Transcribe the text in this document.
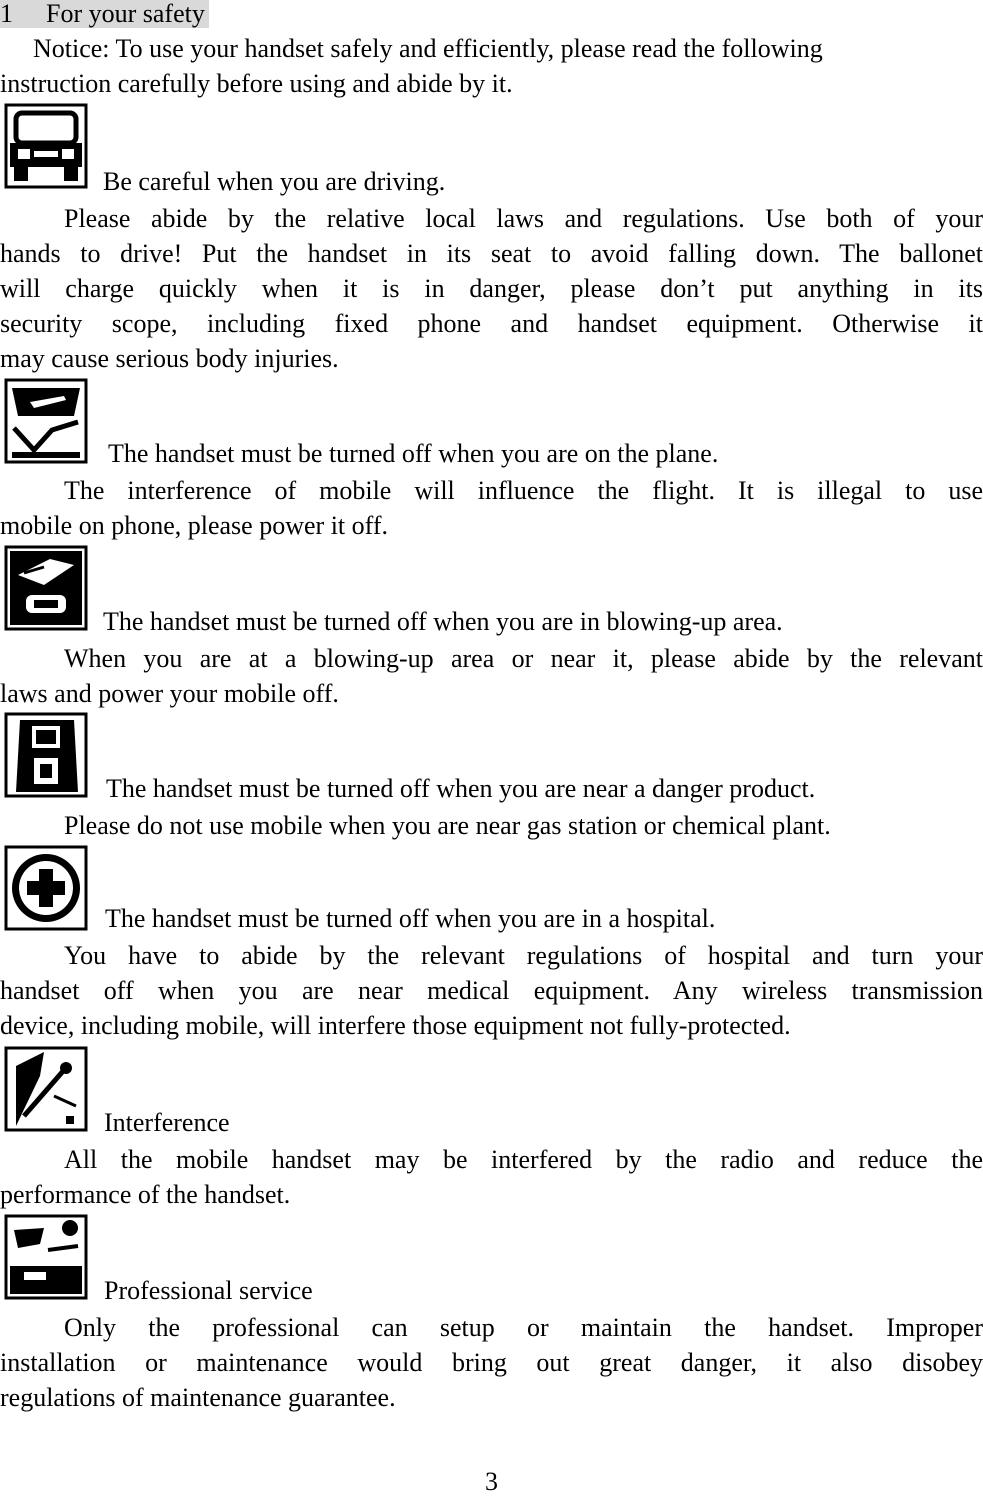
1 For your safety
Notice: To use your handset safely and efficiently, please read the following
instruction carefully before using and abide by it.
Be careful when you are driving.
Please abide by the relative local laws and regulations. Use both of your
hands to drive! Put the handset in its seat to avoid falling down. The ballonet
will charge quickly when it is in danger, please don’t put anything in its
security scope, including fixed phone and handset equipment. Otherwise it
may cause serious body injuries.
The handset must be turned off when you are on the plane.
The interference of mobile will influence the flight. It is illegal to use
mobile on phone, please power it off.
The handset must be turned off when you are in blowing-up area.
When you are at a blowing-up area or near it, please abide by the relevant
laws and power your mobile off.
The handset must be turned off when you are near a danger product.
Please do not use mobile when you are near gas station or chemical plant.
The handset must be turned off when you are in a hospital.
You have to abide by the relevant regulations of hospital and turn your
handset off when you are near medical equipment. Any wireless transmission
device, including mobile, will interfere those equipment not fully-protected.
Interference
All the mobile handset may be interfered by the radio and reduce the
performance of the handset.
Professional service
Only the professional can setup or maintain the handset. Improper
installation or maintenance would bring out great danger, it also disobey
regulations of maintenance guarantee.
3
